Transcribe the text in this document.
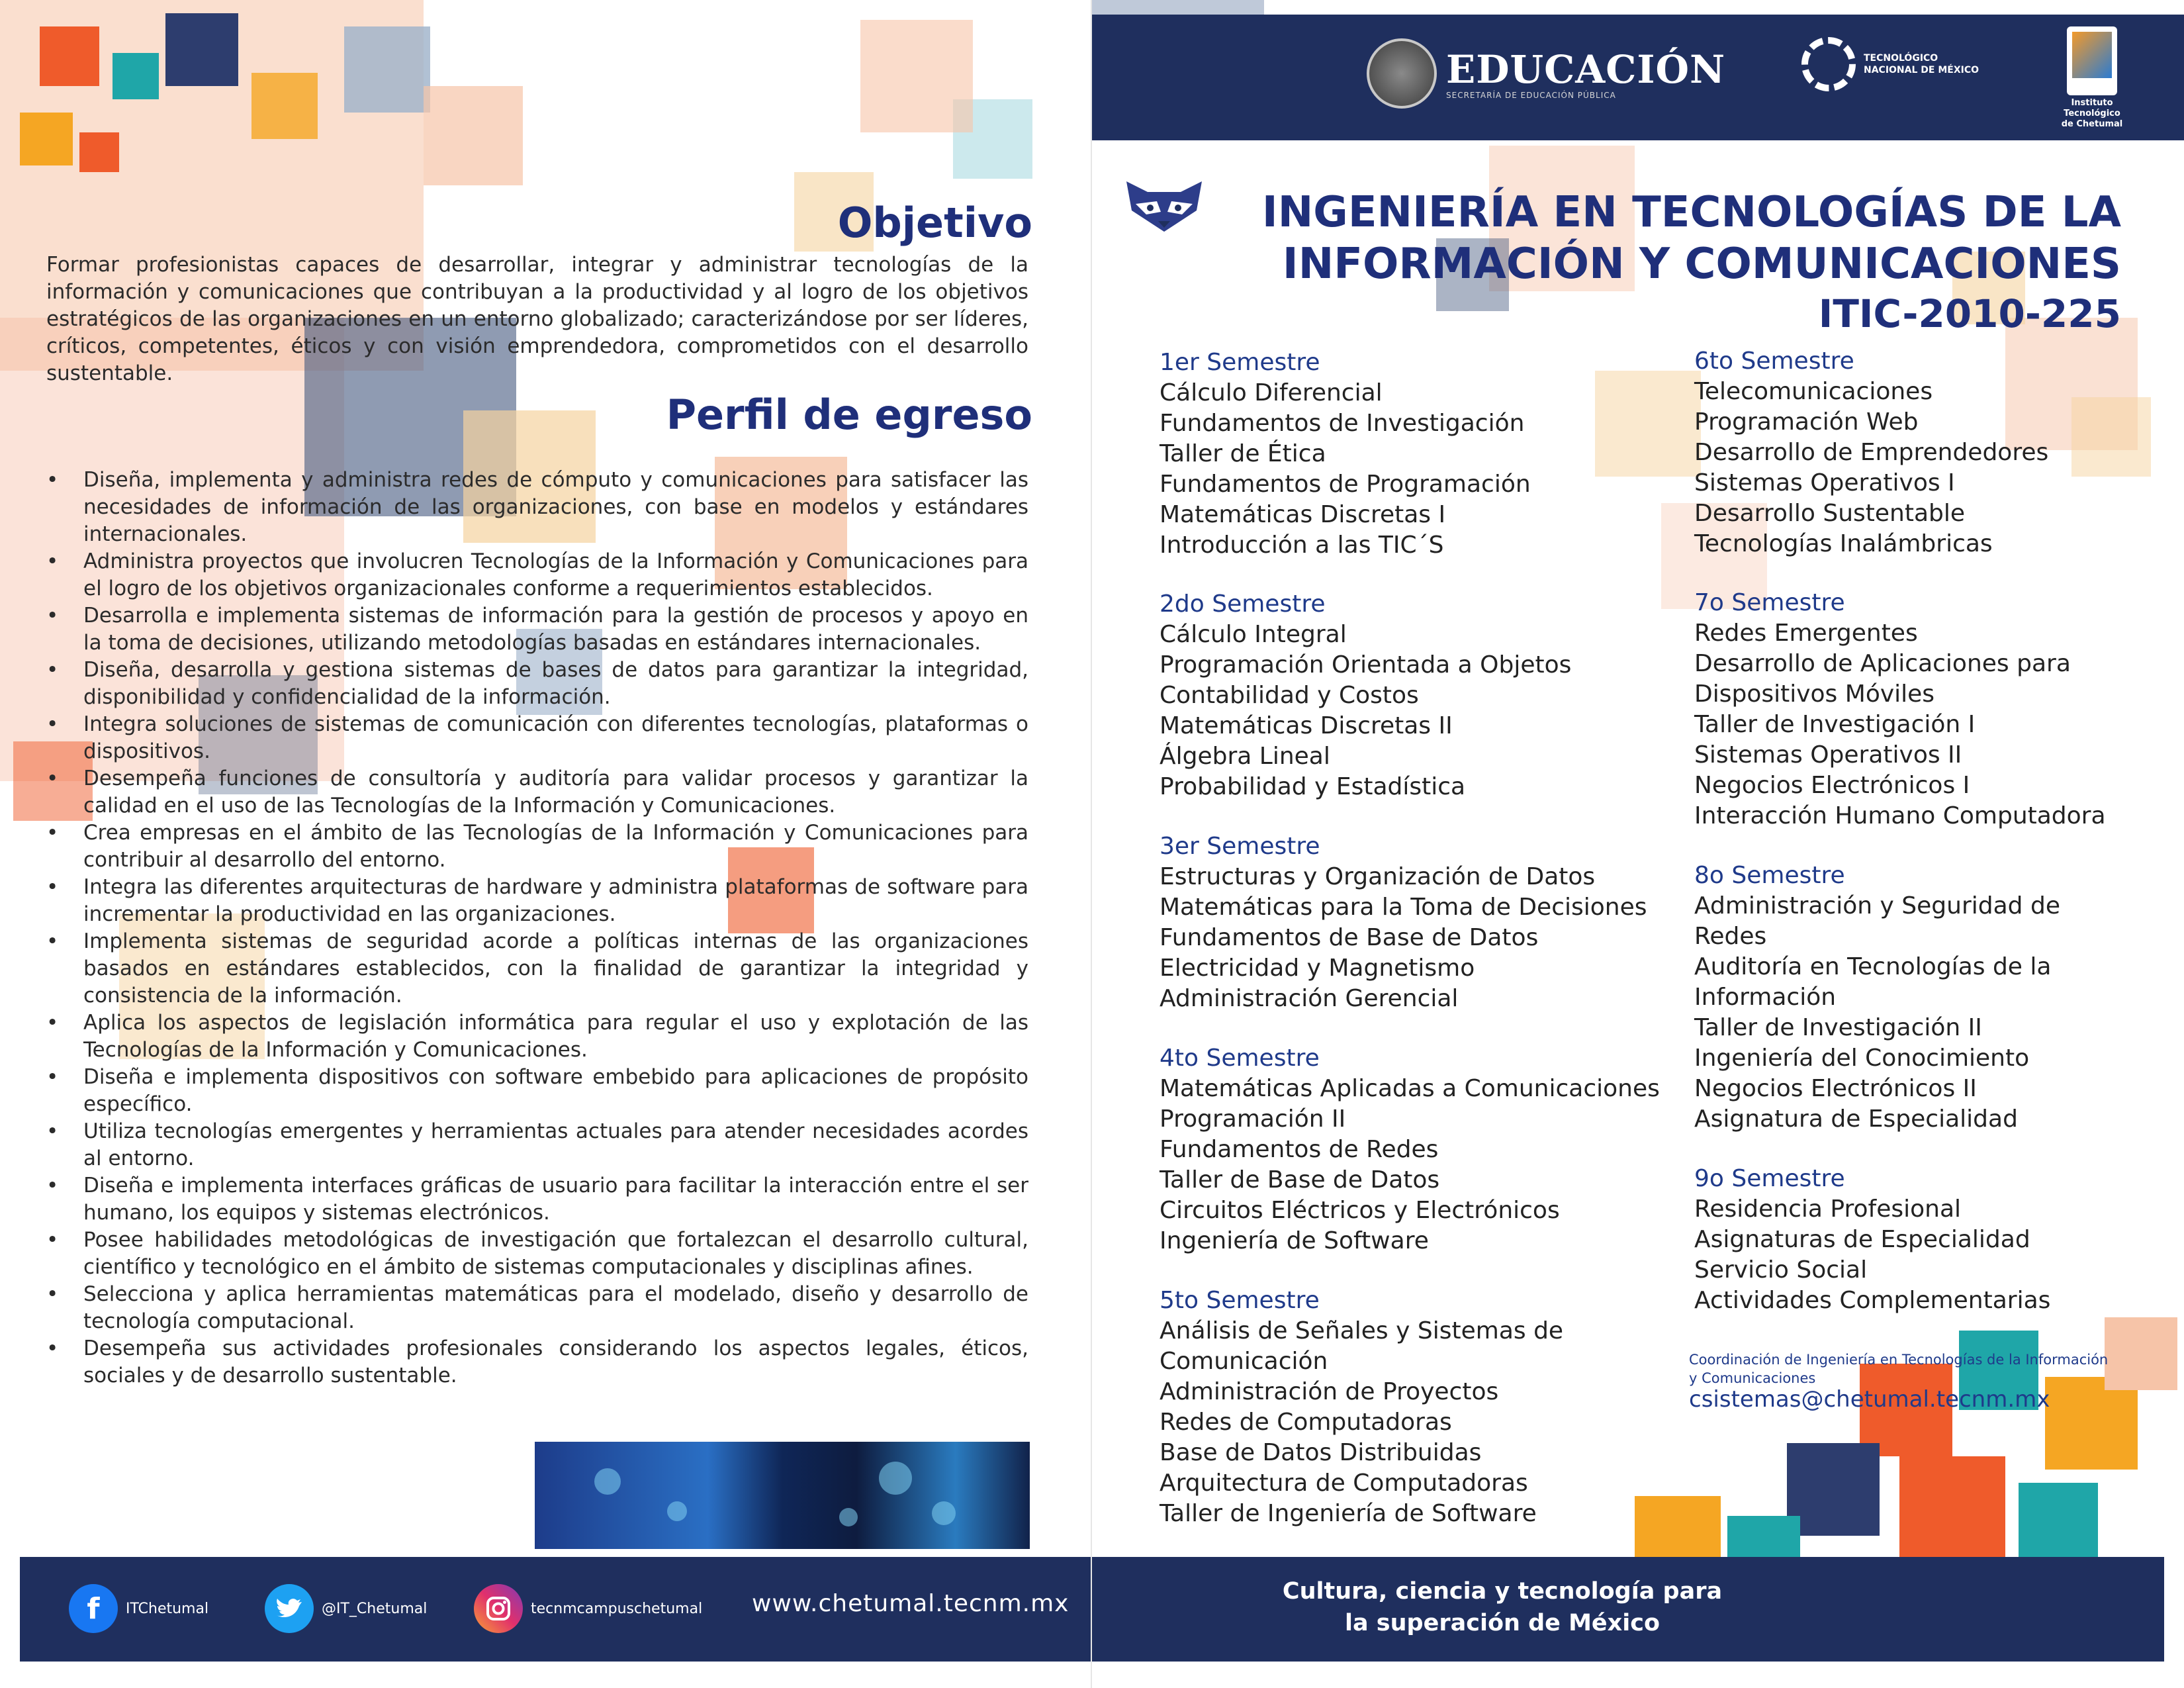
Objetivo
Formar profesionistas capaces de desarrollar, integrar y administrar tecnologías de la información y comunicaciones que contribuyan a la productividad y al logro de los objetivos estratégicos de las organizaciones en un entorno globalizado; caracterizándose por ser líderes, críticos, competentes, éticos y con visión emprendedora, comprometidos con el desarrollo sustentable.
Perfil de egreso
• Diseña, implementa y administra redes de cómputo y comunicaciones para satisfacer las necesidades de información de las organizaciones, con base en modelos y estándares internacionales.
• Administra proyectos que involucren Tecnologías de la Información y Comunicaciones para el logro de los objetivos organizacionales conforme a requerimientos establecidos.
• Desarrolla e implementa sistemas de información para la gestión de procesos y apoyo en la toma de decisiones, utilizando metodologías basadas en estándares internacionales.
• Diseña, desarrolla y gestiona sistemas de bases de datos para garantizar la integridad, disponibilidad y confidencialidad de la información.
• Integra soluciones de sistemas de comunicación con diferentes tecnologías, plataformas o dispositivos.
• Desempeña funciones de consultoría y auditoría para validar procesos y garantizar la calidad en el uso de las Tecnologías de la Información y Comunicaciones.
• Crea empresas en el ámbito de las Tecnologías de la Información y Comunicaciones para contribuir al desarrollo del entorno.
• Integra las diferentes arquitecturas de hardware y administra plataformas de software para incrementar la productividad en las organizaciones.
• Implementa sistemas de seguridad acorde a políticas internas de las organizaciones basados en estándares establecidos, con la finalidad de garantizar la integridad y consistencia de la información.
• Aplica los aspectos de legislación informática para regular el uso y explotación de las Tecnologías de la Información y Comunicaciones.
• Diseña e implementa dispositivos con software embebido para aplicaciones de propósito específico.
• Utiliza tecnologías emergentes y herramientas actuales para atender necesidades acordes al entorno.
• Diseña e implementa interfaces gráficas de usuario para facilitar la interacción entre el ser humano, los equipos y sistemas electrónicos.
• Posee habilidades metodológicas de investigación que fortalezcan el desarrollo cultural, científico y tecnológico en el ámbito de sistemas computacionales y disciplinas afines.
• Selecciona y aplica herramientas matemáticas para el modelado, diseño y desarrollo de tecnología computacional.
• Desempeña sus actividades profesionales considerando los aspectos legales, éticos, sociales y de desarrollo sustentable.
f	ITChetumal	@IT_Chetumal	tecnmcampuschetumal www.chetumal.tecnm.mx
EDUCACIÓN
SECRETARÍA DE EDUCACIÓN PÚBLICA
TECNOLÓGICO
NACIONAL DE MÉXICO
Instituto Tecnológico
de Chetumal
INGENIERÍA EN TECNOLOGÍAS DE LA
INFORMACIÓN Y COMUNICACIONES
ITIC-2010-225
1er Semestre
Cálculo Diferencial
Fundamentos de Investigación
Taller de Ética
Fundamentos de Programación
Matemáticas Discretas I
Introducción a las TIC´S
2do Semestre
Cálculo Integral
Programación Orientada a Objetos
Contabilidad y Costos
Matemáticas Discretas II
Álgebra Lineal
Probabilidad y Estadística
3er Semestre
Estructuras y Organización de Datos
Matemáticas para la Toma de Decisiones
Fundamentos de Base de Datos
Electricidad y Magnetismo
Administración Gerencial
4to Semestre
Matemáticas Aplicadas a Comunicaciones
Programación II
Fundamentos de Redes
Taller de Base de Datos
Circuitos Eléctricos y Electrónicos
Ingeniería de Software
5to Semestre
Análisis de Señales y Sistemas de
Comunicación
Administración de Proyectos
Redes de Computadoras
Base de Datos Distribuidas
Arquitectura de Computadoras
Taller de Ingeniería de Software
6to Semestre
Telecomunicaciones
Programación Web
Desarrollo de Emprendedores
Sistemas Operativos I
Desarrollo Sustentable
Tecnologías Inalámbricas
7o Semestre
Redes Emergentes
Desarrollo de Aplicaciones para
Dispositivos Móviles
Taller de Investigación I
Sistemas Operativos II
Negocios Electrónicos I
Interacción Humano Computadora
8o Semestre
Administración y Seguridad de
Redes
Auditoría en Tecnologías de la
Información
Taller de Investigación II
Ingeniería del Conocimiento
Negocios Electrónicos II
Asignatura de Especialidad
9o Semestre
Residencia Profesional
Asignaturas de Especialidad
Servicio Social
Actividades Complementarias
Coordinación de Ingeniería en Tecnologías de la Información y Comunicaciones
csistemas@chetumal.tecnm.mx
Cultura, ciencia y tecnología para
la superación de México
